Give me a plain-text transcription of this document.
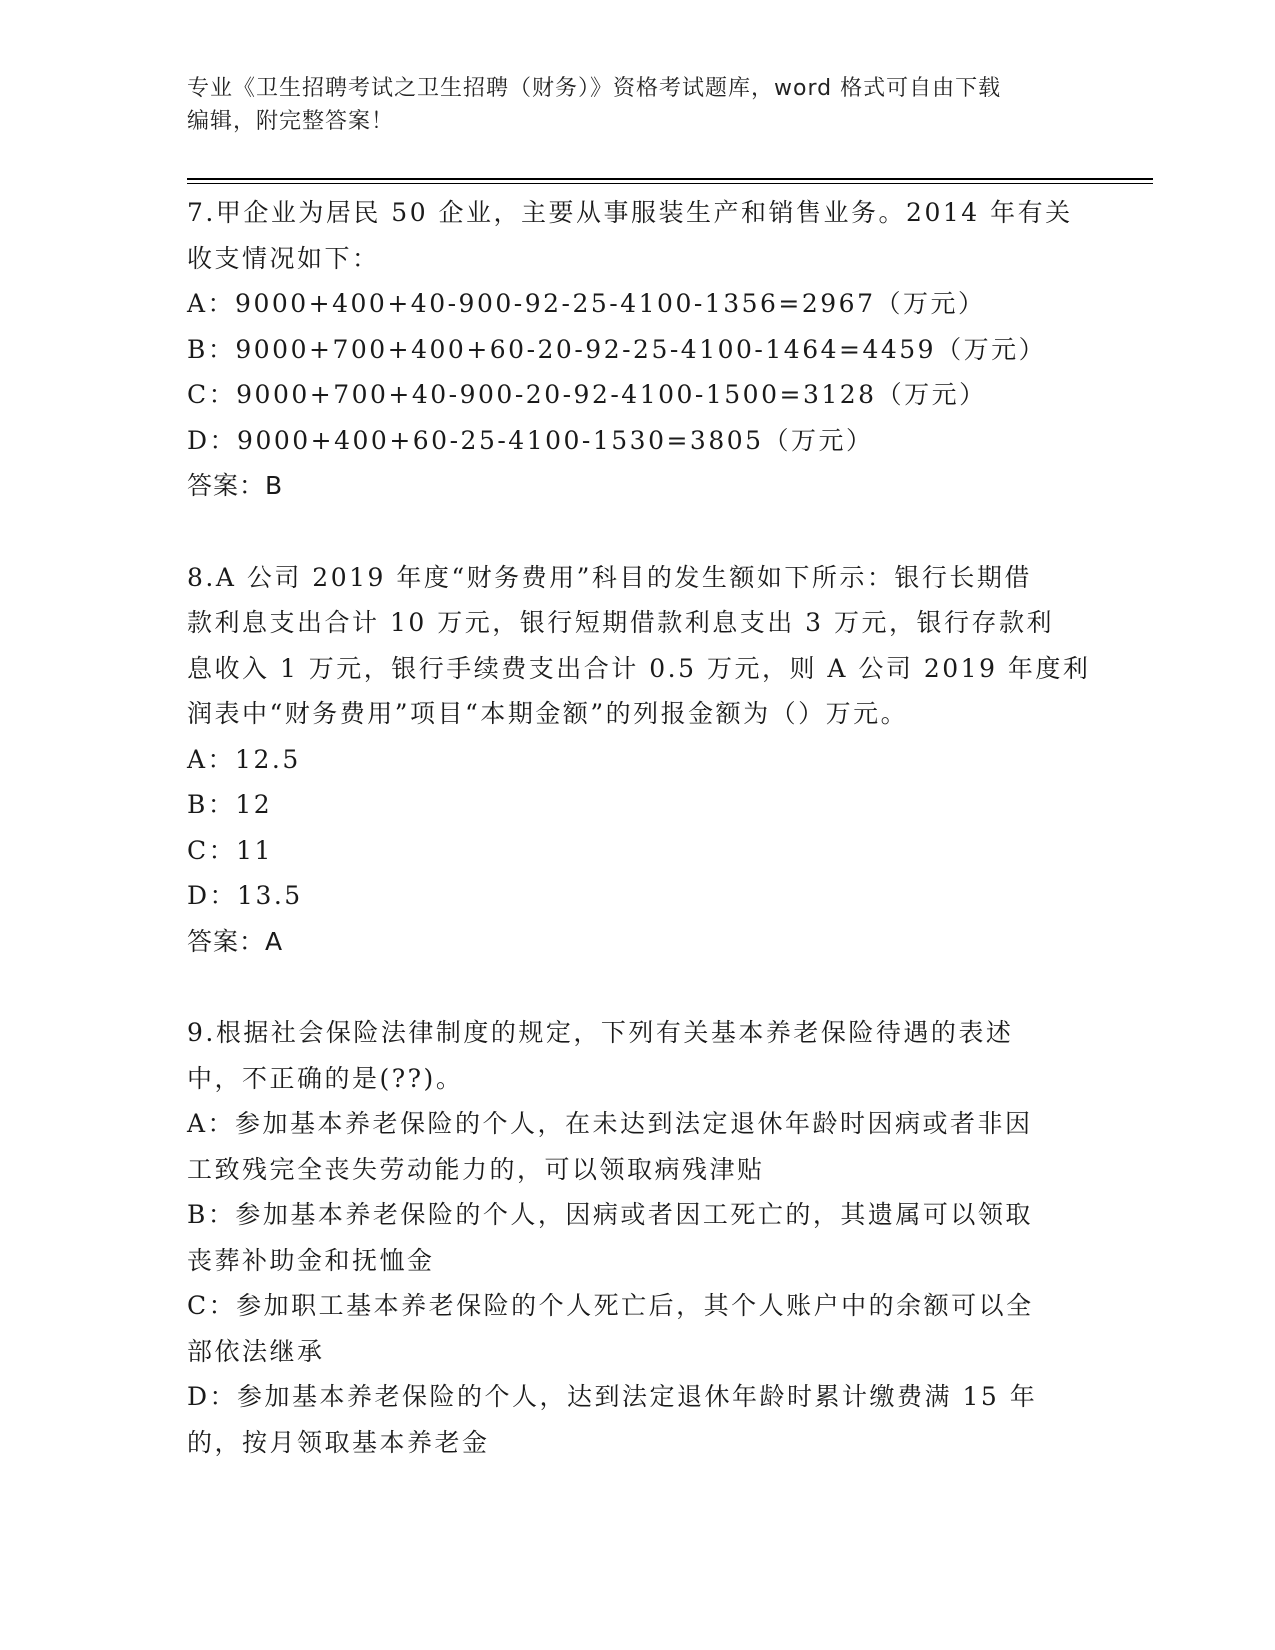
专业《卫生招聘考试之卫生招聘（财务）》资格考试题库，word 格式可自由下载
编辑，附完整答案！
7.甲企业为居民 50 企业，主要从事服装生产和销售业务。2014 年有关
收支情况如下：
A：9000+400+40-900-92-25-4100-1356=2967（万元）
B：9000+700+400+60-20-92-25-4100-1464=4459（万元）
C：9000+700+40-900-20-92-4100-1500=3128（万元）
D：9000+400+60-25-4100-1530=3805（万元）
答案：B
8.A 公司 2019 年度“财务费用”科目的发生额如下所示：银行长期借
款利息支出合计 10 万元，银行短期借款利息支出 3 万元，银行存款利
息收入 1 万元，银行手续费支出合计 0.5 万元，则 A 公司 2019 年度利
润表中“财务费用”项目“本期金额”的列报金额为（）万元。
A：12.5
B：12
C：11
D：13.5
答案：A
9.根据社会保险法律制度的规定，下列有关基本养老保险待遇的表述
中，不正确的是(??)。
A：参加基本养老保险的个人，在未达到法定退休年龄时因病或者非因
工致残完全丧失劳动能力的，可以领取病残津贴
B：参加基本养老保险的个人，因病或者因工死亡的，其遗属可以领取
丧葬补助金和抚恤金
C：参加职工基本养老保险的个人死亡后，其个人账户中的余额可以全
部依法继承
D：参加基本养老保险的个人，达到法定退休年龄时累计缴费满 15 年
的，按月领取基本养老金
